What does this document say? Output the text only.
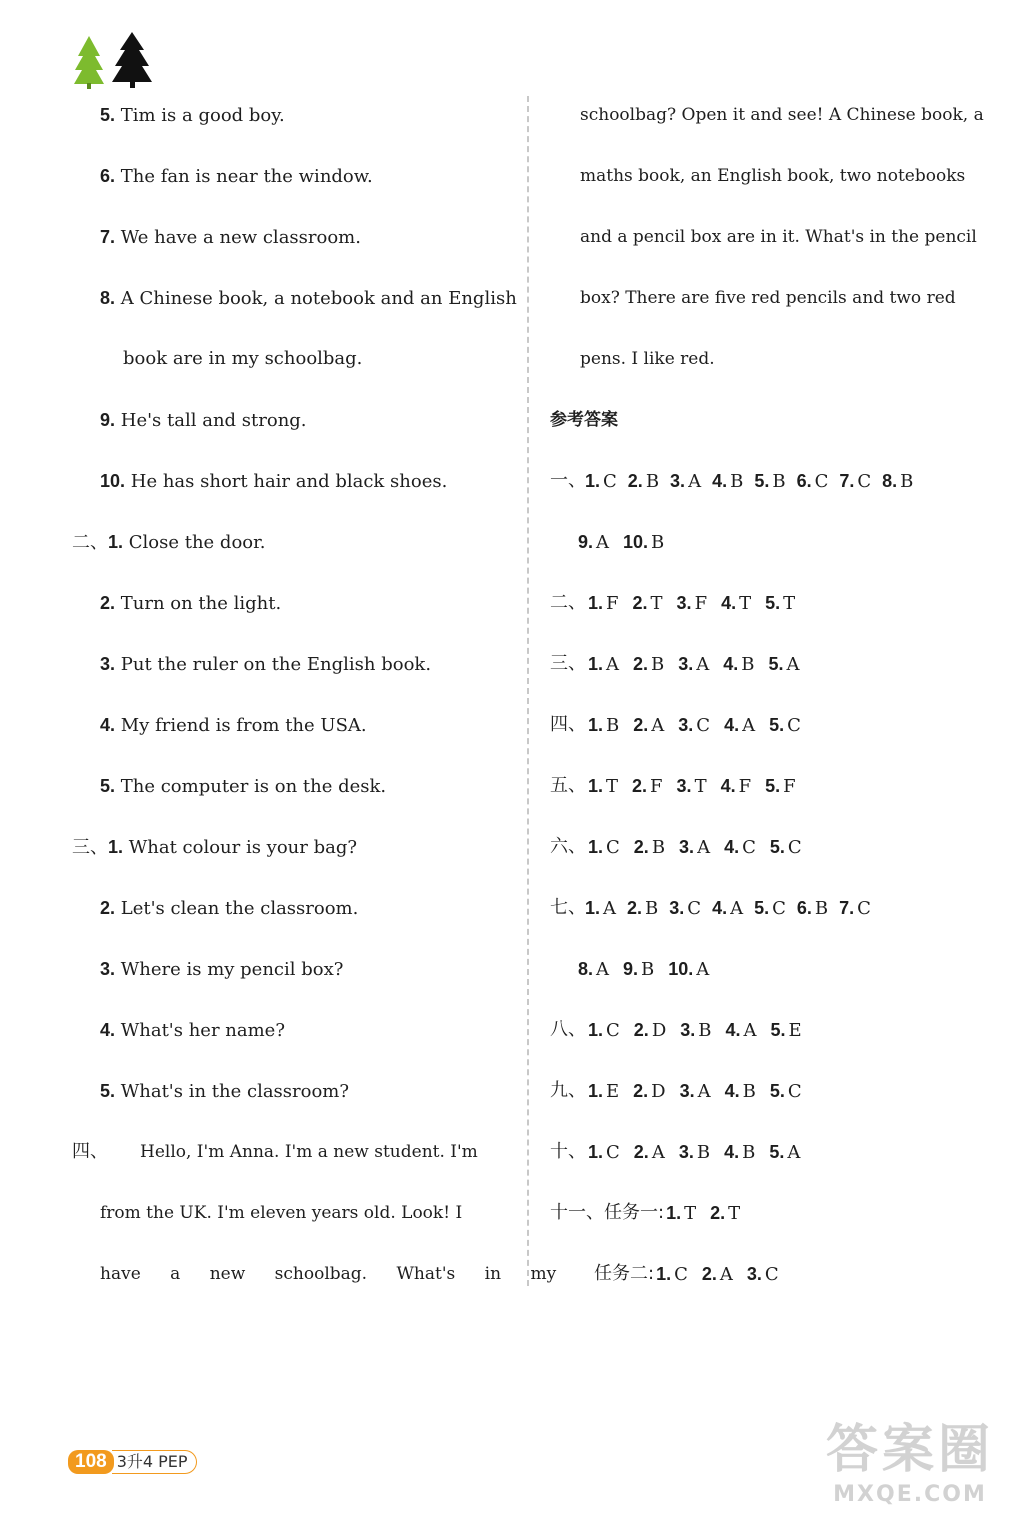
5. Tim is a good boy.
6. The fan is near the window.
7. We have a new classroom.
8. A Chinese book, a notebook and an English
book are in my schoolbag.
9. He's tall and strong.
10. He has short hair and black shoes.
二、1. Close the door.
2. Turn on the light.
3. Put the ruler on the English book.
4. My friend is from the USA.
5. The computer is on the desk.
三、1. What colour is your bag?
2. Let's clean the classroom.
3. Where is my pencil box?
4. What's her name?
5. What's in the classroom?
四、 Hello, I'm Anna. I'm a new student. I'm
from the UK. I'm eleven years old. Look! I
have a new schoolbag. What's in my
schoolbag? Open it and see! A Chinese book, a
maths book, an English book, two notebooks
and a pencil box are in it. What's in the pencil
box? There are five red pencils and two red
pens. I like red.
参考答案
一、 1. C 2. B 3. A 4. B 5. B 6. C 7. C 8. B
9. A 10. B
二、 1. F 2. T 3. F 4. T 5. T
三、 1. A 2. B 3. A 4. B 5. A
四、 1. B 2. A 3. C 4. A 5. C
五、 1. T 2. F 3. T 4. F 5. F
六、 1. C 2. B 3. A 4. C 5. C
七、 1. A 2. B 3. C 4. A 5. C 6. B 7. C
8. A 9. B 10. A
八、 1. C 2. D 3. B 4. A 5. E
九、 1. E 2. D 3. A 4. B 5. C
十、 1. C 2. A 3. B 4. B 5. A
十一、任务一: 1. T 2. T
任务二: 1. C 2. A 3. C
108 3升4 PEP	答案圈
MXQE.COM
